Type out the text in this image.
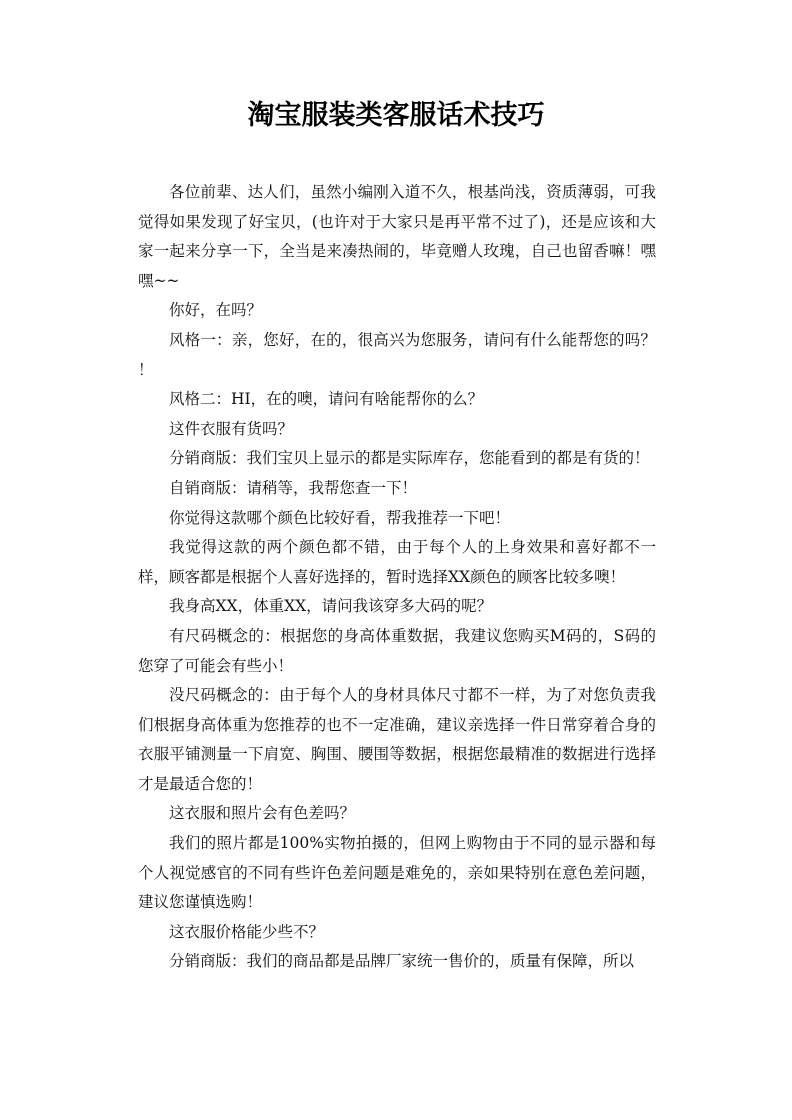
淘宝服装类客服话术技巧

各位前辈、达人们，虽然小编刚入道不久，根基尚浅，资质薄弱，可我觉得如果发现了好宝贝，(也许对于大家只是再平常不过了)，还是应该和大家一起来分享一下，全当是来凑热闹的，毕竟赠人玫瑰，自己也留香嘛！嘿嘿~~

你好，在吗？

风格一：亲，您好，在的，很高兴为您服务，请问有什么能帮您的吗？ ！

风格二：HI，在的噢，请问有啥能帮你的么？

这件衣服有货吗？

分销商版：我们宝贝上显示的都是实际库存，您能看到的都是有货的！

自销商版：请稍等，我帮您查一下！

你觉得这款哪个颜色比较好看，帮我推荐一下吧！

我觉得这款的两个颜色都不错，由于每个人的上身效果和喜好都不一样，顾客都是根据个人喜好选择的，暂时选择XX颜色的顾客比较多噢！

我身高XX，体重XX，请问我该穿多大码的呢？

有尺码概念的：根据您的身高体重数据，我建议您购买M码的，S码的您穿了可能会有些小！

没尺码概念的：由于每个人的身材具体尺寸都不一样，为了对您负责我们根据身高体重为您推荐的也不一定准确，建议亲选择一件日常穿着合身的衣服平铺测量一下肩宽、胸围、腰围等数据，根据您最精准的数据进行选择才是最适合您的！

这衣服和照片会有色差吗？

我们的照片都是100%实物拍摄的，但网上购物由于不同的显示器和每个人视觉感官的不同有些许色差问题是难免的，亲如果特别在意色差问题，建议您谨慎选购！

这衣服价格能少些不？

分销商版：我们的商品都是品牌厂家统一售价的，质量有保障，所以
